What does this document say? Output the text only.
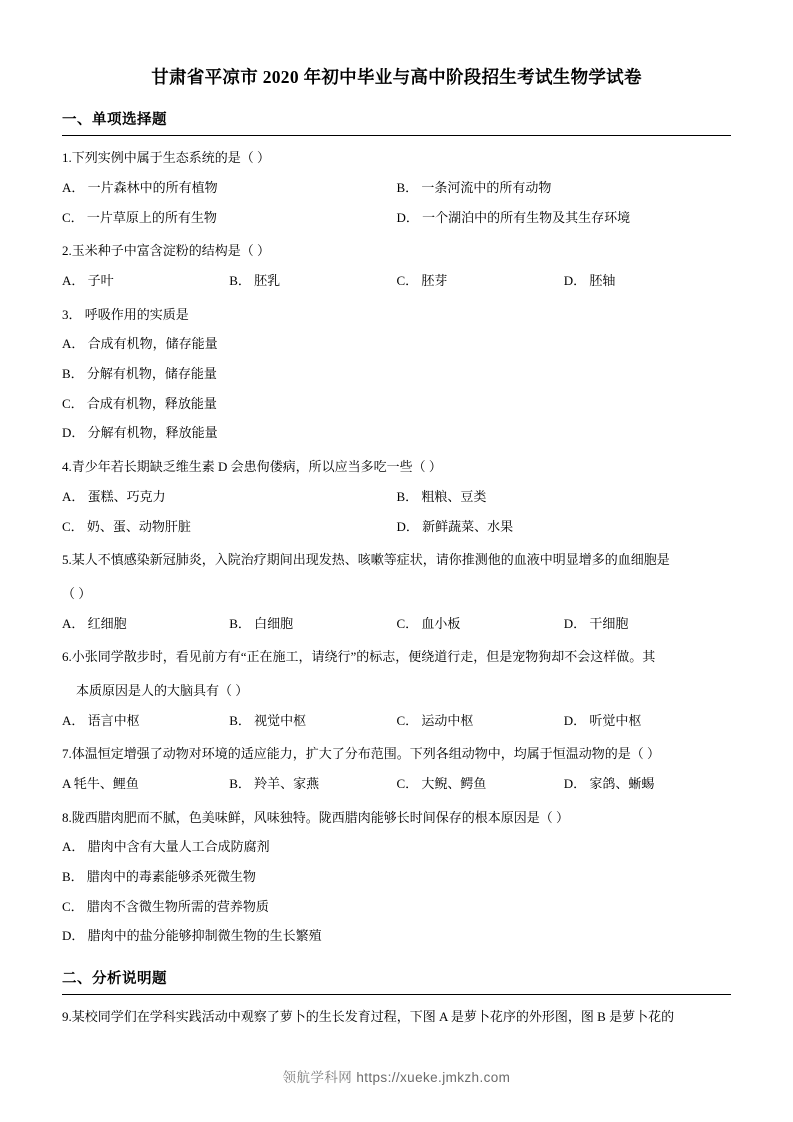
甘肃省平凉市 2020 年初中毕业与高中阶段招生考试生物学试卷
一、单项选择题
1.下列实例中属于生态系统的是（ ）
A． 一片森林中的所有植物	B． 一条河流中的所有动物
C． 一片草原上的所有生物	D． 一个湖泊中的所有生物及其生存环境
2.玉米种子中富含淀粉的结构是（ ）
A． 子叶	B． 胚乳	C． 胚芽	D． 胚轴
3． 呼吸作用的实质是
A． 合成有机物，储存能量
B． 分解有机物，储存能量
C． 合成有机物，释放能量
D． 分解有机物，释放能量
4.青少年若长期缺乏维生素 D 会患佝偻病，所以应当多吃一些（ ）
A． 蛋糕、巧克力	B． 粗粮、豆类
C． 奶、蛋、动物肝脏	D． 新鲜蔬菜、水果
5.某人不慎感染新冠肺炎，入院治疗期间出现发热、咳嗽等症状，请你推测他的血液中明显增多的血细胞是
（ ）
A． 红细胞	B． 白细胞	C． 血小板	D． 干细胞
6.小张同学散步时，看见前方有“正在施工，请绕行”的标志，便绕道行走，但是宠物狗却不会这样做。其
本质原因是人的大脑具有（ ）
A． 语言中枢	B． 视觉中枢	C． 运动中枢	D． 听觉中枢
7.体温恒定增强了动物对环境的适应能力，扩大了分布范围。下列各组动物中，均属于恒温动物的是（ ）
A 牦牛、鲤鱼	B． 羚羊、家燕	C． 大鲵、鳄鱼	D． 家鸽、蜥蜴
8.陇西腊肉肥而不腻，色美味鲜，风味独特。陇西腊肉能够长时间保存的根本原因是（ ）
A． 腊肉中含有大量人工合成防腐剂
B． 腊肉中的毒素能够杀死微生物
C． 腊肉不含微生物所需的营养物质
D． 腊肉中的盐分能够抑制微生物的生长繁殖
二、分析说明题
9.某校同学们在学科实践活动中观察了萝卜的生长发育过程，下图 A 是萝卜花序的外形图，图 B 是萝卜花的
领航学科网 https://xueke.jmkzh.com
